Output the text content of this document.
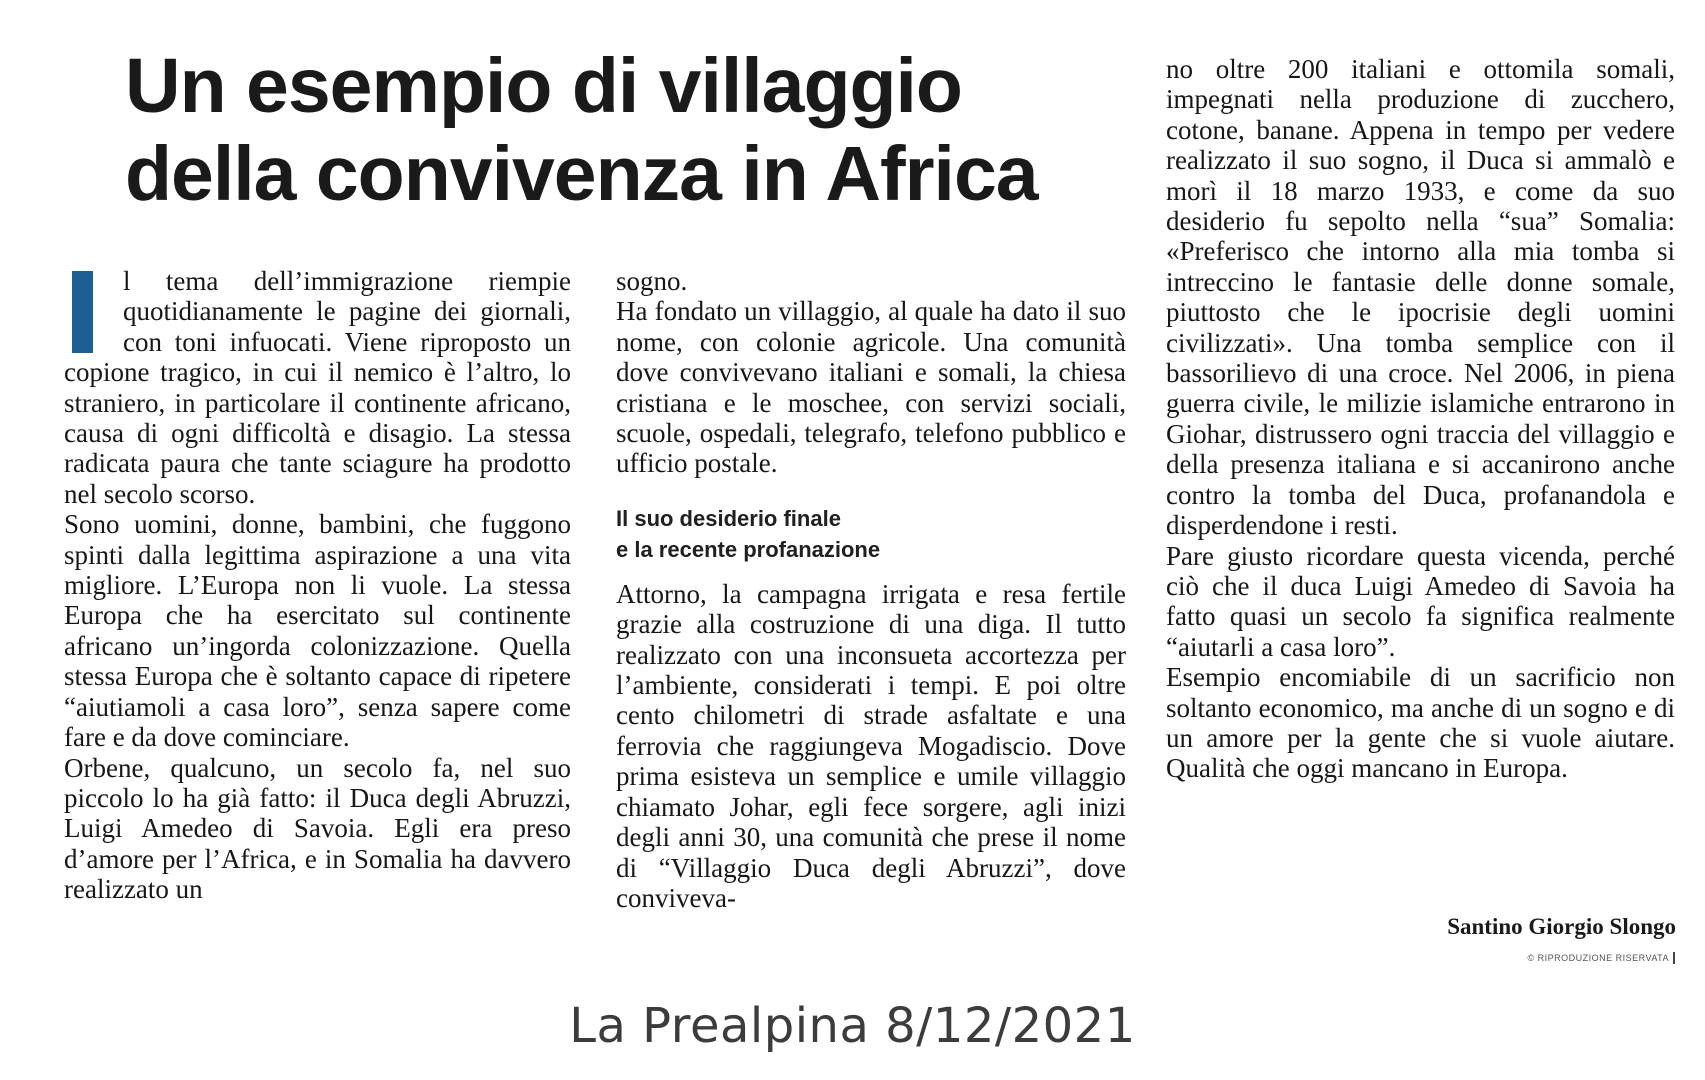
Un esempio di villaggio
della convivenza in Africa

l tema dell’immigrazione riempie quotidianamente le pagine dei giornali, con toni infuocati. Viene riproposto un copione tragico, in cui il nemico è l’altro, lo straniero, in particolare il continente africano, causa di ogni difficoltà e disagio. La stessa radicata paura che tante sciagure ha prodotto nel secolo scorso.

Sono uomini, donne, bambini, che fuggono spinti dalla legittima aspirazione a una vita migliore. L’Europa non li vuole. La stessa Europa che ha esercitato sul continente africano un’ingorda colonizzazione. Quella stessa Europa che è soltanto capace di ripetere “aiutiamoli a casa loro”, senza sapere come fare e da dove cominciare.

Orbene, qualcuno, un secolo fa, nel suo piccolo lo ha già fatto: il Duca degli Abruzzi, Luigi Amedeo di Savoia. Egli era preso d’amore per l’Africa, e in Somalia ha davvero realizzato un

sogno.

Ha fondato un villaggio, al quale ha dato il suo nome, con colonie agricole. Una comunità dove convivevano italiani e somali, la chiesa cristiana e le moschee, con servizi sociali, scuole, ospedali, telegrafo, telefono pubblico e ufficio postale.

Il suo desiderio finale
e la recente profanazione

Attorno, la campagna irrigata e resa fertile grazie alla costruzione di una diga. Il tutto realizzato con una inconsueta accortezza per l’ambiente, considerati i tempi. E poi oltre cento chilometri di strade asfaltate e una ferrovia che raggiungeva Mogadiscio. Dove prima esisteva un semplice e umile villaggio chiamato Johar, egli fece sorgere, agli inizi degli anni 30, una comunità che prese il nome di “Villaggio Duca degli Abruzzi”, dove conviveva-

no oltre 200 italiani e ottomila somali, impegnati nella produzione di zucchero, cotone, banane. Appena in tempo per vedere realizzato il suo sogno, il Duca si ammalò e morì il 18 marzo 1933, e come da suo desiderio fu sepolto nella “sua” Somalia: «Preferisco che intorno alla mia tomba si intreccino le fantasie delle donne somale, piuttosto che le ipocrisie degli uomini civilizzati». Una tomba semplice con il bassorilievo di una croce. Nel 2006, in piena guerra civile, le milizie islamiche entrarono in Giohar, distrussero ogni traccia del villaggio e della presenza italiana e si accanirono anche contro la tomba del Duca, profanandola e disperdendone i resti.

Pare giusto ricordare questa vicenda, perché ciò che il duca Luigi Amedeo di Savoia ha fatto quasi un secolo fa significa realmente “aiutarli a casa loro”.

Esempio encomiabile di un sacrificio non soltanto economico, ma anche di un sogno e di un amore per la gente che si vuole aiutare. Qualità che oggi mancano in Europa.

Santino Giorgio Slongo
© RIPRODUZIONE RISERVATA
La Prealpina 8/12/2021
